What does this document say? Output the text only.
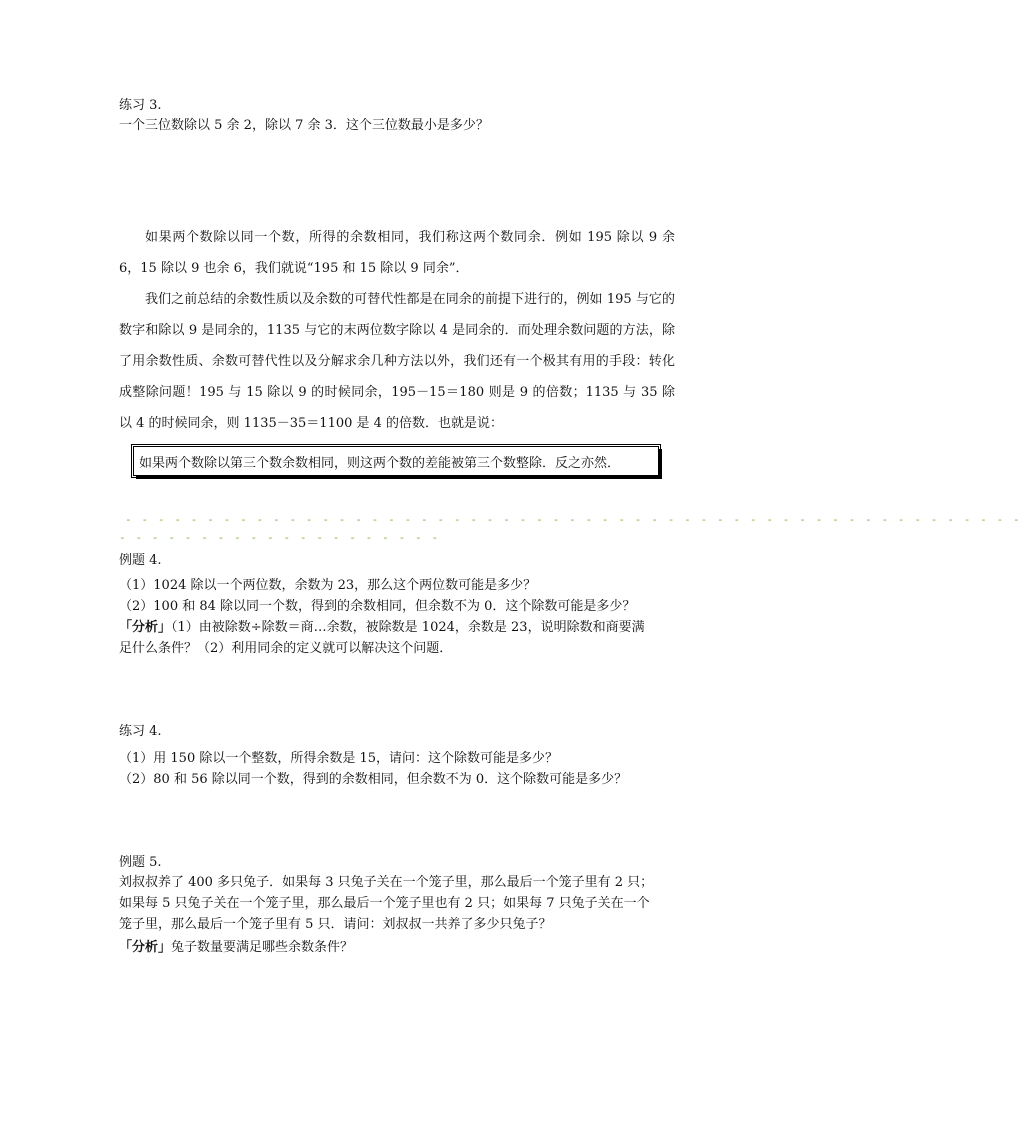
练习 3.
一个三位数除以 5 余 2，除以 7 余 3．这个三位数最小是多少？

如果两个数除以同一个数，所得的余数相同，我们称这两个数同余．例如 195 除以 9 余 6，15 除以 9 也余 6，我们就说“195 和 15 除以 9 同余”．

我们之前总结的余数性质以及余数的可替代性都是在同余的前提下进行的，例如 195 与它的数字和除以 9 是同余的，1135 与它的末两位数字除以 4 是同余的．而处理余数问题的方法，除了用余数性质、余数可替代性以及分解求余几种方法以外，我们还有一个极其有用的手段：转化成整除问题！195 与 15 除以 9 的时候同余，195－15＝180 则是 9 的倍数；1135 与 35 除以 4 的时候同余，则 1135－35＝1100 是 4 的倍数．也就是说：

如果两个数除以第三个数余数相同，则这两个数的差能被第三个数整除．反之亦然．
- - - - - - - - - - - - - - - - - - - - - - - - - - - - - - - - - - - - - - - - - - - - - - - - - - - - - - -
- - - - - - - - - - - - - - - - - - - -
例题 4.
（1）1024 除以一个两位数，余数为 23，那么这个两位数可能是多少？
（2）100 和 84 除以同一个数，得到的余数相同，但余数不为 0．这个除数可能是多少？
「分析」（1）由被除数÷除数＝商…余数，被除数是 1024，余数是 23，说明除数和商要满
足什么条件？（2）利用同余的定义就可以解决这个问题．
练习 4.
（1）用 150 除以一个整数，所得余数是 15，请问：这个除数可能是多少？
（2）80 和 56 除以同一个数，得到的余数相同，但余数不为 0．这个除数可能是多少？
例题 5.
刘叔叔养了 400 多只兔子．如果每 3 只兔子关在一个笼子里，那么最后一个笼子里有 2 只；
如果每 5 只兔子关在一个笼子里，那么最后一个笼子里也有 2 只；如果每 7 只兔子关在一个
笼子里，那么最后一个笼子里有 5 只．请问：刘叔叔一共养了多少只兔子？
「分析」兔子数量要满足哪些余数条件？
